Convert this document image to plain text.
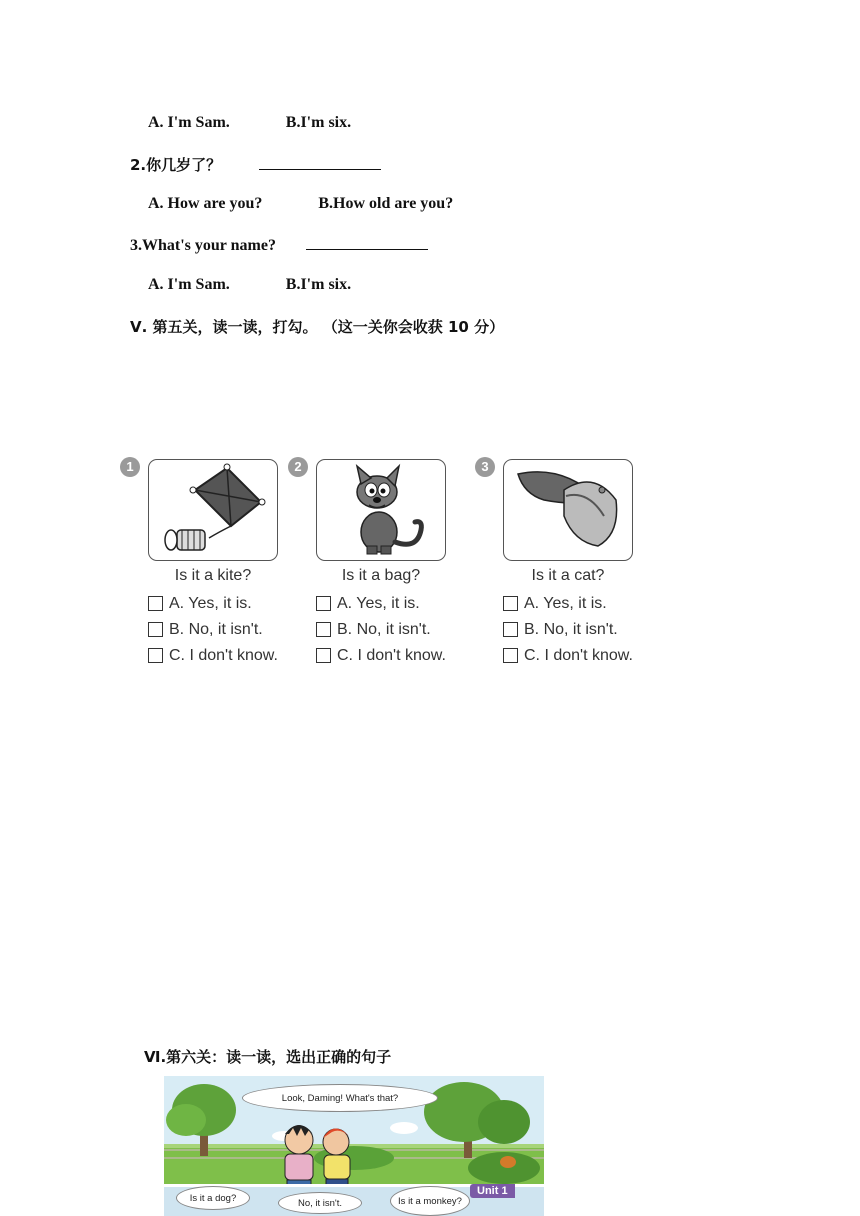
A. I'm Sam.	B.I'm six.
2.你几岁了？
A. How are you?	B.How old are you?
3.What's your name?
A. I'm Sam.	B.I'm six.
Ⅴ. 第五关，读一读，打勾。 （这一关你会收获 10 分）
1
Is it a kite?
A. Yes, it is.
B. No, it isn't.
C. I don't know.
2
Is it a bag?
A. Yes, it is.
B. No, it isn't.
C. I don't know.
3
Is it a cat?
A. Yes, it is.
B. No, it isn't.
C. I don't know.
Ⅵ.第六关：读一读，选出正确的句子
Look, Daming! What's that?
Is it a dog?	No, it isn't.	Is it a monkey?
Unit 1
